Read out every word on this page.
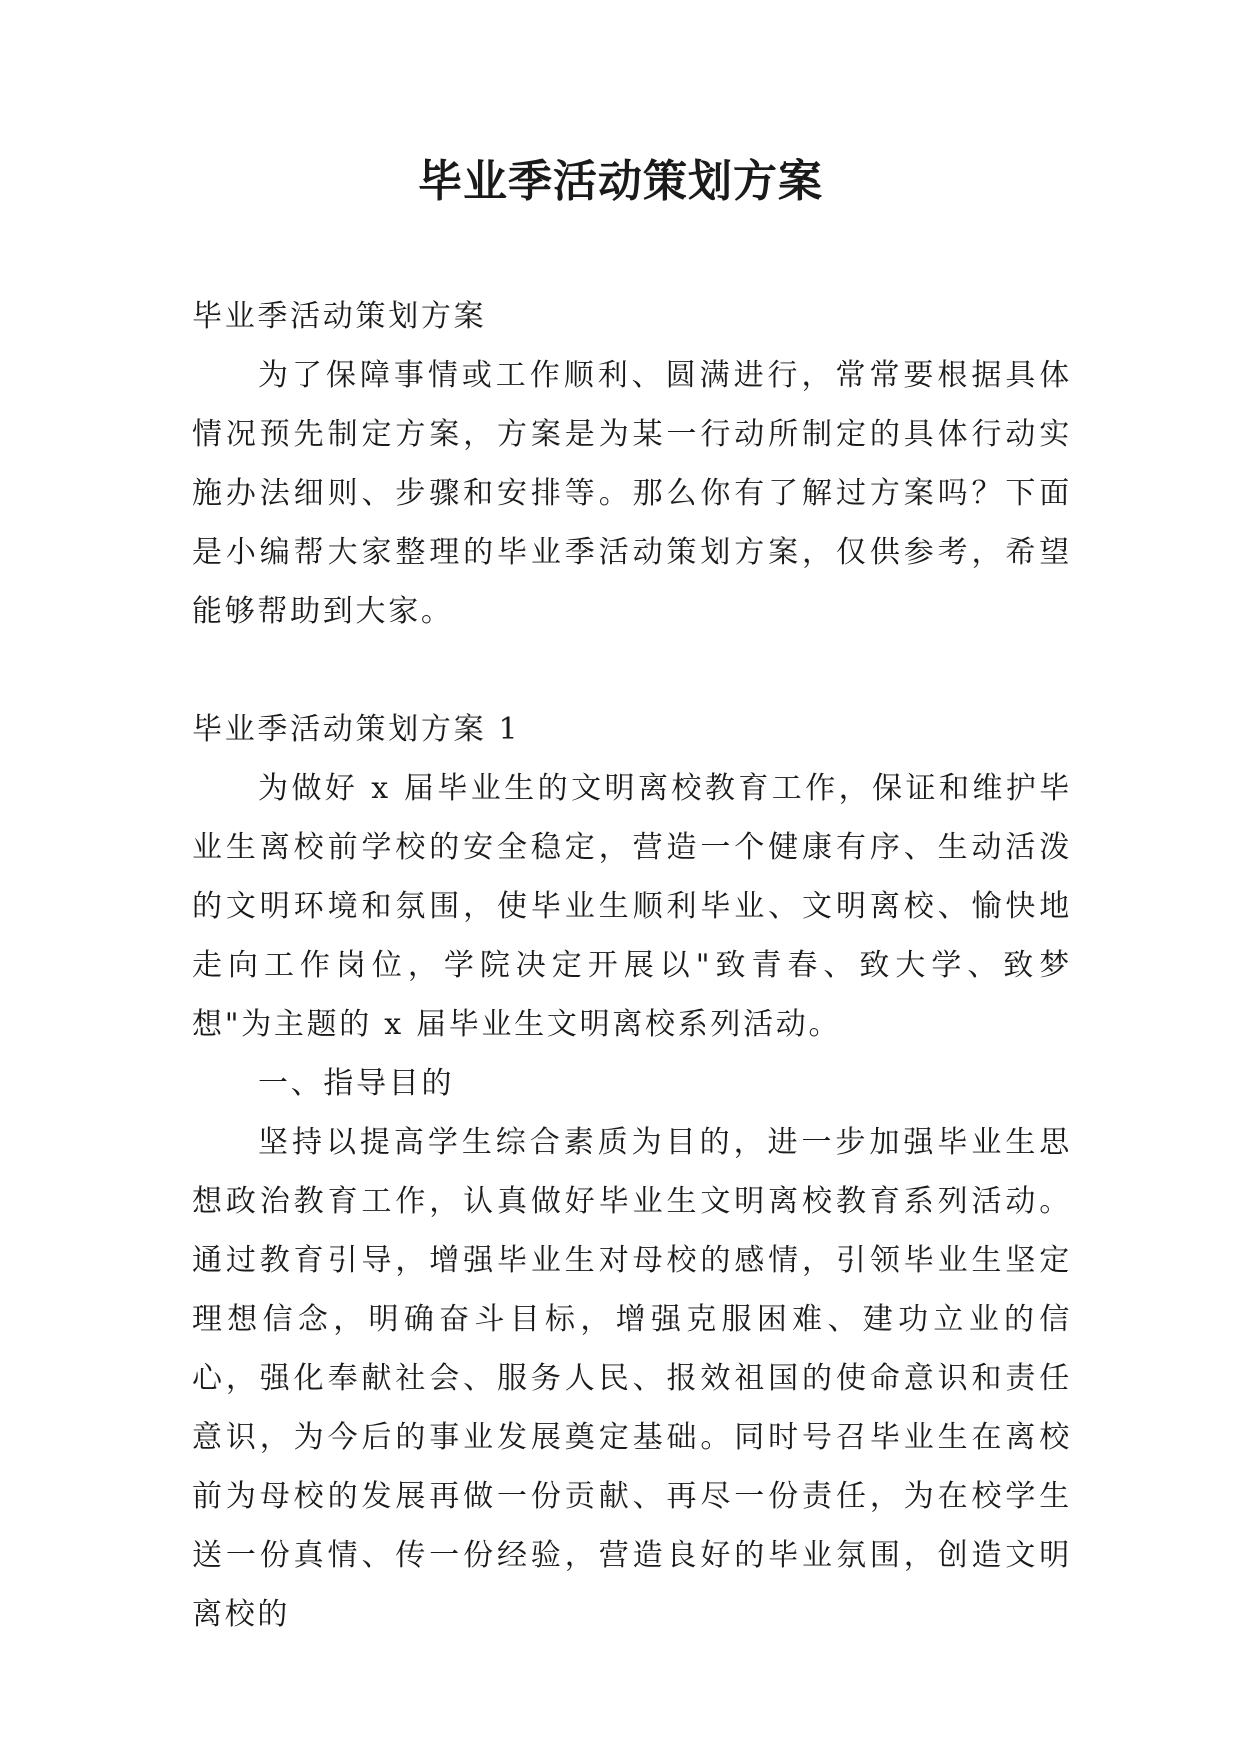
毕业季活动策划方案

毕业季活动策划方案

为了保障事情或工作顺利、圆满进行，常常要根据具体情况预先制定方案，方案是为某一行动所制定的具体行动实施办法细则、步骤和安排等。那么你有了解过方案吗？下面是小编帮大家整理的毕业季活动策划方案，仅供参考，希望能够帮助到大家。

毕业季活动策划方案 1

为做好 x 届毕业生的文明离校教育工作，保证和维护毕业生离校前学校的安全稳定，营造一个健康有序、生动活泼的文明环境和氛围，使毕业生顺利毕业、文明离校、愉快地走向工作岗位，学院决定开展以"致青春、致大学、致梦想"为主题的 x 届毕业生文明离校系列活动。

一、指导目的

坚持以提高学生综合素质为目的，进一步加强毕业生思想政治教育工作，认真做好毕业生文明离校教育系列活动。通过教育引导，增强毕业生对母校的感情，引领毕业生坚定理想信念，明确奋斗目标，增强克服困难、建功立业的信心，强化奉献社会、服务人民、报效祖国的使命意识和责任意识，为今后的事业发展奠定基础。同时号召毕业生在离校前为母校的发展再做一份贡献、再尽一份责任，为在校学生送一份真情、传一份经验，营造良好的毕业氛围，创造文明离校的
